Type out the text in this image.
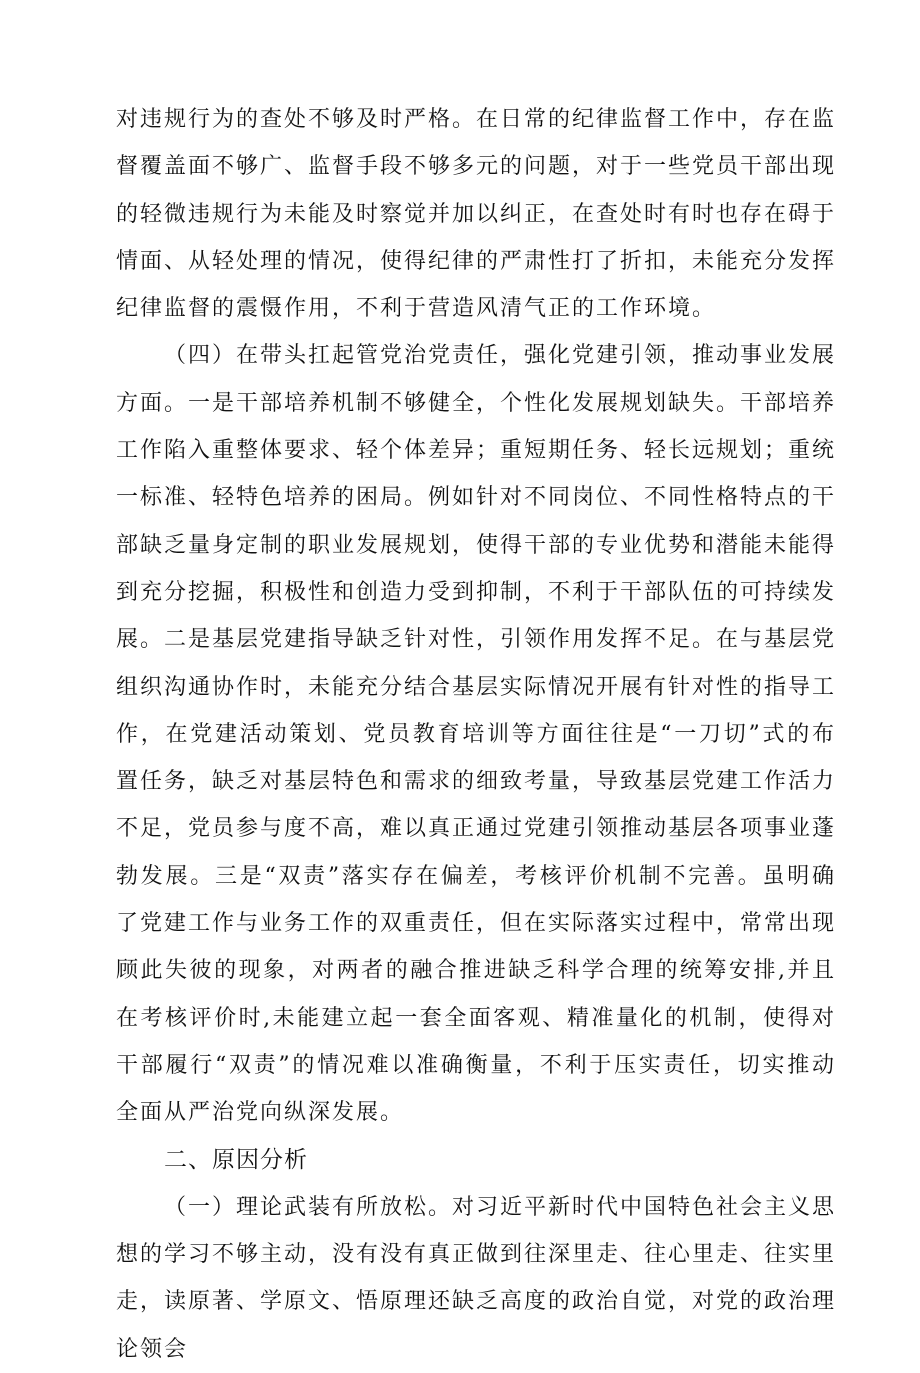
对违规行为的查处不够及时严格。在日常的纪律监督工作中，存在监督覆盖面不够广、监督手段不够多元的问题，对于一些党员干部出现的轻微违规行为未能及时察觉并加以纠正，在查处时有时也存在碍于情面、从轻处理的情况，使得纪律的严肃性打了折扣，未能充分发挥纪律监督的震慑作用，不利于营造风清气正的工作环境。

（四）在带头扛起管党治党责任，强化党建引领，推动事业发展方面。一是干部培养机制不够健全，个性化发展规划缺失。干部培养工作陷入重整体要求、轻个体差异；重短期任务、轻长远规划；重统一标准、轻特色培养的困局。例如针对不同岗位、不同性格特点的干部缺乏量身定制的职业发展规划，使得干部的专业优势和潜能未能得到充分挖掘，积极性和创造力受到抑制，不利于干部队伍的可持续发展。二是基层党建指导缺乏针对性，引领作用发挥不足。在与基层党组织沟通协作时，未能充分结合基层实际情况开展有针对性的指导工作，在党建活动策划、党员教育培训等方面往往是“一刀切”式的布置任务，缺乏对基层特色和需求的细致考量，导致基层党建工作活力不足，党员参与度不高，难以真正通过党建引领推动基层各项事业蓬勃发展。三是“双责”落实存在偏差，考核评价机制不完善。虽明确了党建工作与业务工作的双重责任，但在实际落实过程中，常常出现顾此失彼的现象，对两者的融合推进缺乏科学合理的统筹安排,并且在考核评价时,未能建立起一套全面客观、精准量化的机制，使得对干部履行“双责”的情况难以准确衡量，不利于压实责任，切实推动全面从严治党向纵深发展。

二、原因分析

（一）理论武装有所放松。对习近平新时代中国特色社会主义思想的学习不够主动，没有没有真正做到往深里走、往心里走、往实里走，读原著、学原文、悟原理还缺乏高度的政治自觉，对党的政治理论领会
